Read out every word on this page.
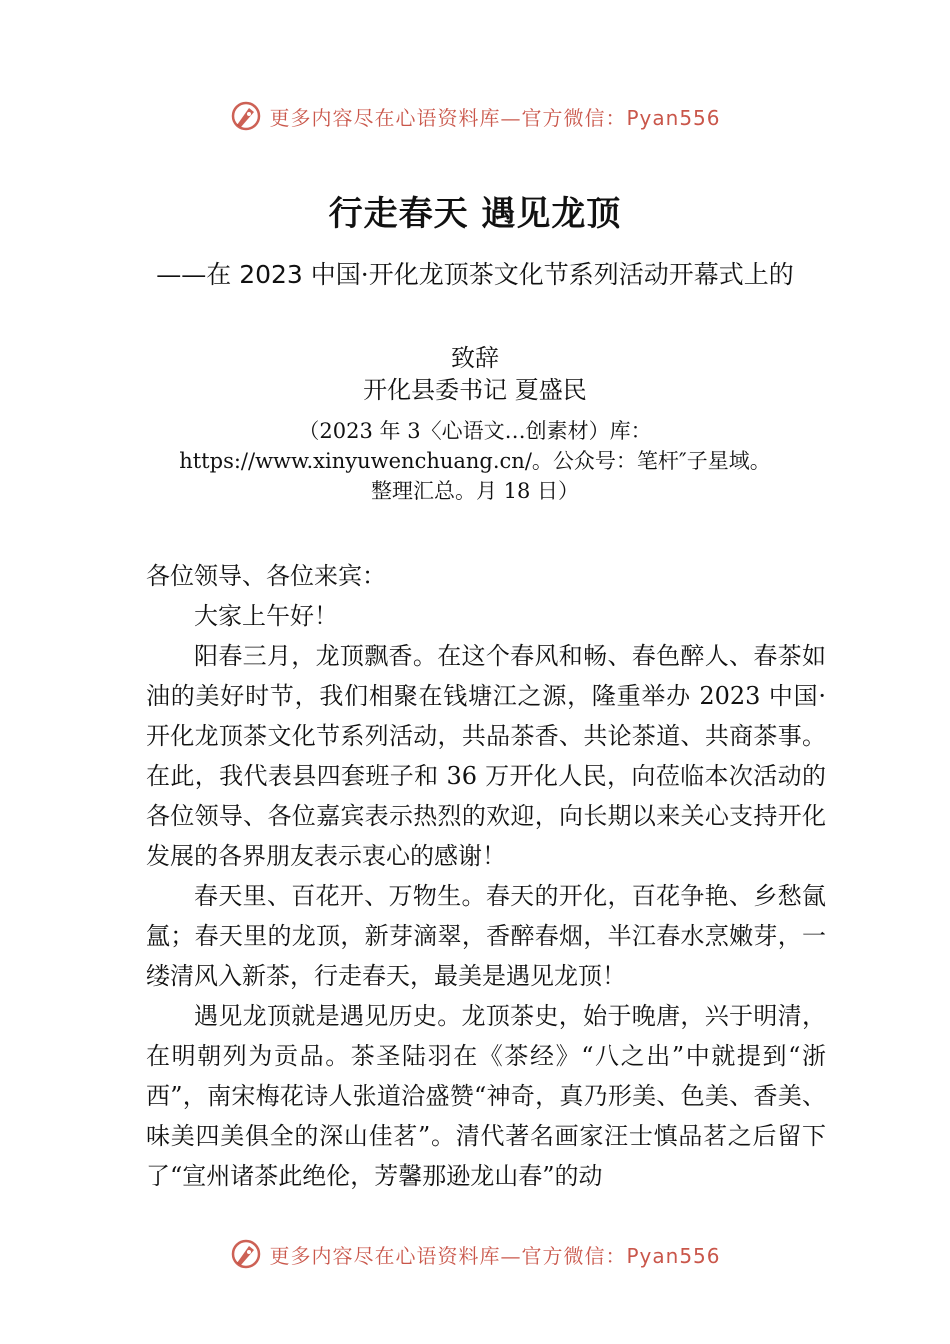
更多内容尽在心语资料库—官方微信：Pyan556
行走春天 遇见龙顶
——在 2023 中国·开化龙顶茶文化节系列活动开幕式上的
致辞
开化县委书记 夏盛民
（2023 年 3〈心语文…创素材）库：
https://www.xinyuwenchuang.cn/。公众号：笔杆″子星域。
整理汇总。月 18 日）

各位领导、各位来宾：

大家上午好！

阳春三月，龙顶飘香。在这个春风和畅、春色醉人、春茶如油的美好时节，我们相聚在钱塘江之源，隆重举办 2023 中国·开化龙顶茶文化节系列活动，共品茶香、共论茶道、共商茶事。在此，我代表县四套班子和 36 万开化人民，向莅临本次活动的各位领导、各位嘉宾表示热烈的欢迎，向长期以来关心支持开化发展的各界朋友表示衷心的感谢！

春天里、百花开、万物生。春天的开化，百花争艳、乡愁氤氲；春天里的龙顶，新芽滴翠，香醉春烟，半江春水烹嫩芽，一缕清风入新茶，行走春天，最美是遇见龙顶！

遇见龙顶就是遇见历史。龙顶茶史，始于晚唐，兴于明清，在明朝列为贡品。茶圣陆羽在《茶经》“八之出”中就提到“浙西”，南宋梅花诗人张道洽盛赞“神奇，真乃形美、色美、香美、味美四美俱全的深山佳茗”。清代著名画家汪士慎品茗之后留下了“宣州诸茶此绝伦，芳馨那逊龙山春”的动

更多内容尽在心语资料库—官方微信：Pyan556
